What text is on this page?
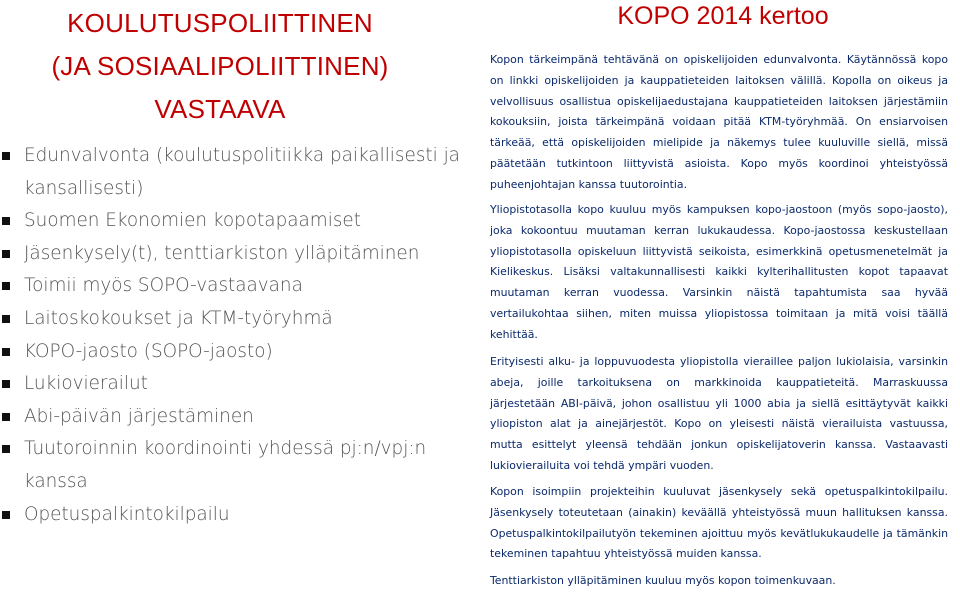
KOULUTUSPOLIITTINEN
(JA SOSIAALIPOLIITTINEN)
VASTAAVA
Edunvalvonta (koulutuspolitiikka paikallisesti ja kansallisesti)
Suomen Ekonomien kopotapaamiset
Jäsenkysely(t), tenttiarkiston ylläpitäminen
Toimii myös SOPO-vastaavana
Laitoskokoukset ja KTM-työryhmä
KOPO-jaosto (SOPO-jaosto)
Lukiovierailut
Abi-päivän järjestäminen
Tuutoroinnin koordinointi yhdessä pj:n/vpj:n kanssa
Opetuspalkintokilpailu
KOPO 2014 kertoo

Kopon tärkeimpänä tehtävänä on opiskelijoiden edunvalvonta. Käytännössä kopo on linkki opiskelijoiden ja kauppatieteiden laitoksen välillä. Kopolla on oikeus ja velvollisuus osallistua opiskelijaedustajana kauppatieteiden laitoksen järjestämiin kokouksiin, joista tärkeimpänä voidaan pitää KTM-työryhmää. On ensiarvoisen tärkeää, että opiskelijoiden mielipide ja näkemys tulee kuuluville siellä, missä päätetään tutkintoon liittyvistä asioista. Kopo myös koordinoi yhteistyössä puheenjohtajan kanssa tuutorointia.

Yliopistotasolla kopo kuuluu myös kampuksen kopo-jaostoon (myös sopo-jaosto), joka kokoontuu muutaman kerran lukukaudessa. Kopo-jaostossa keskustellaan yliopistotasolla opiskeluun liittyvistä seikoista, esimerkkinä opetusmenetelmät ja Kielikeskus. Lisäksi valtakunnallisesti kaikki kylterihallitusten kopot tapaavat muutaman kerran vuodessa. Varsinkin näistä tapahtumista saa hyvää vertailukohtaa siihen, miten muissa yliopistossa toimitaan ja mitä voisi täällä kehittää.

Erityisesti alku- ja loppuvuodesta yliopistolla vieraillee paljon lukiolaisia, varsinkin abeja, joille tarkoituksena on markkinoida kauppatieteitä. Marraskuussa järjestetään ABI-päivä, johon osallistuu yli 1000 abia ja siellä esittäytyvät kaikki yliopiston alat ja ainejärjestöt. Kopo on yleisesti näistä vierailuista vastuussa, mutta esittelyt yleensä tehdään jonkun opiskelijatoverin kanssa. Vastaavasti lukiovierailuita voi tehdä ympäri vuoden.

Kopon isoimpiin projekteihin kuuluvat jäsenkysely sekä opetuspalkintokilpailu. Jäsenkysely toteutetaan (ainakin) keväällä yhteistyössä muun hallituksen kanssa. Opetuspalkintokilpailutyön tekeminen ajoittuu myös kevätlukukaudelle ja tämänkin tekeminen tapahtuu yhteistyössä muiden kanssa.

Tenttiarkiston ylläpitäminen kuuluu myös kopon toimenkuvaan.
